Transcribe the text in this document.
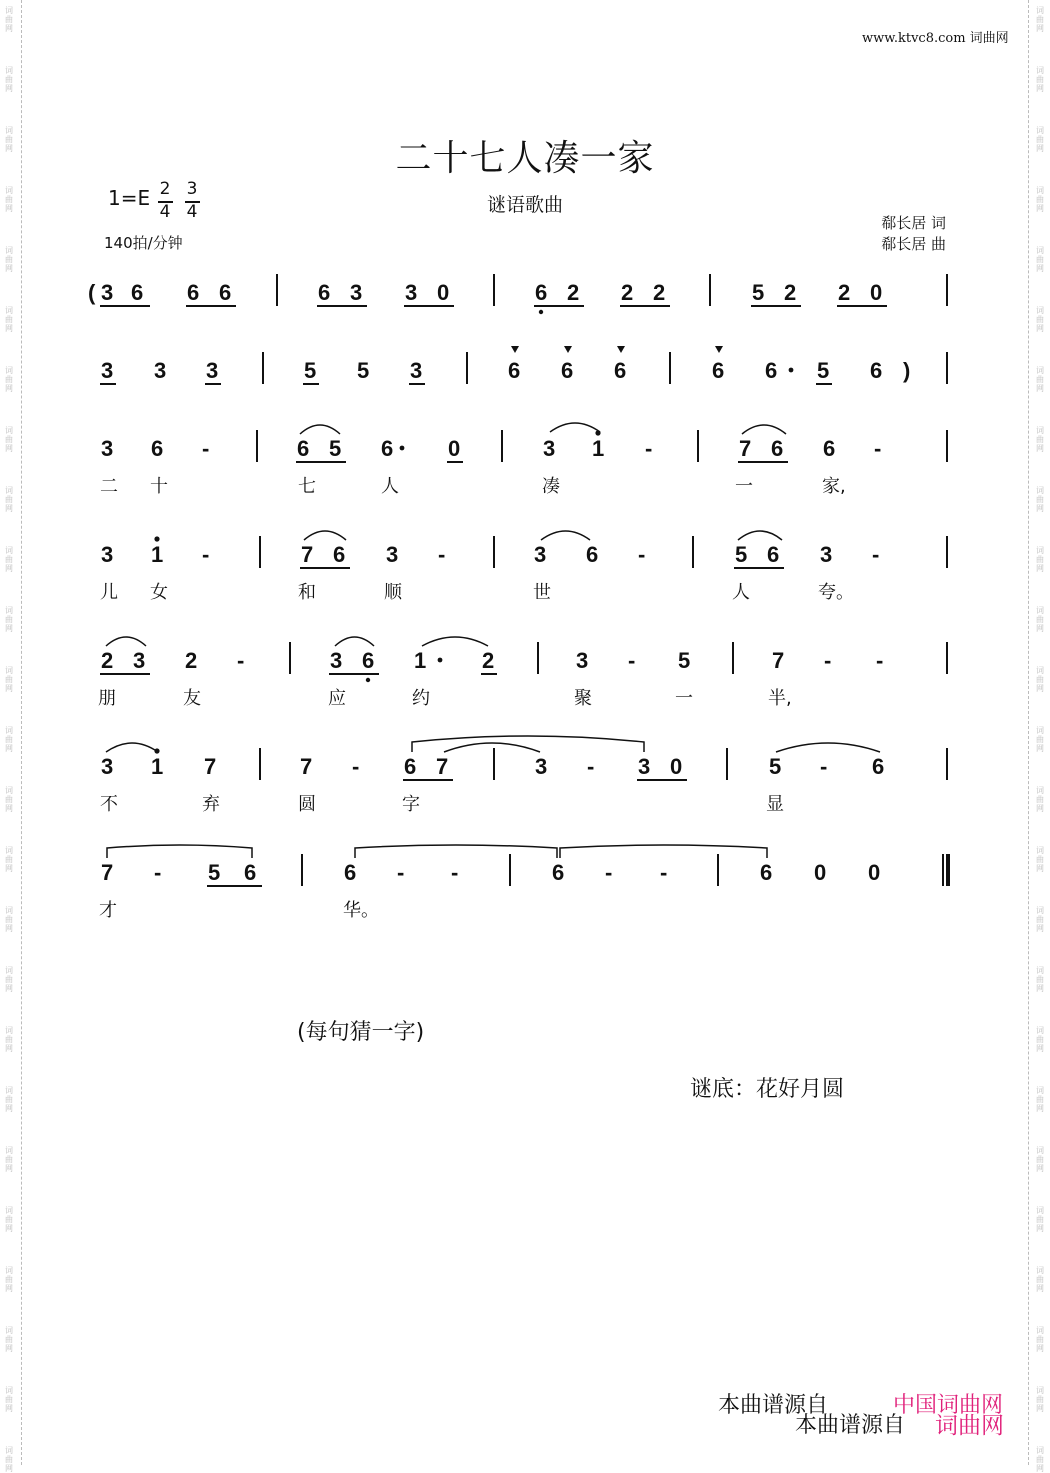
词
曲
网
词
曲
网
词
曲
网
词
曲
网
词
曲
网
词
曲
网
词
曲
网
词
曲
网
词
曲
网
词
曲
网
词
曲
网
词
曲
网
词
曲
网
词
曲
网
词
曲
网
词
曲
网
词
曲
网
词
曲
网
词
曲
网
词
曲
网
词
曲
网
词
曲
网
词
曲
网
词
曲
网
词
曲
网
词
曲
网
词
曲
网
词
曲
网
词
曲
网
词
曲
网
词
曲
网
词
曲
网
词
曲
网
词
曲
网
词
曲
网
词
曲
网
词
曲
网
词
曲
网
词
曲
网
词
曲
网
词
曲
网
词
曲
网
词
曲
网
词
曲
网
词
曲
网
词
曲
网
词
曲
网
词
曲
网
词
曲
网
词
曲
网
www.ktvc8.com 词曲网
二十七人凑一家
谜语歌曲
1=E 2
4
3
4
140拍/分钟
郗长居 词
郗长居 曲
( 3 6 6 6	6 3 3 0	6 2 2 2	5 2 2 0
3 3 3	5 5 3	6 6 6	6 6 5 6 )
3 6 -	6 5 6 0	3 1 -	7 6 6 -
二 十	七	人	凑	一	家,
3 1 -	7 6 3 -	3 6 -	5 6 3 -
儿 女	和	顺	世	人	夸。
2 3 2 -	3 6 1	2	3 - 5	7 - -
朋	友	应	约	聚	一	半,
3 1 7	7 - 6 7	3 - 3 0	5 - 6
不	弃	圆	字	显
7 - 5 6	6 - -	6 - -	6 0 0
才	华。
(每句猜一字)
谜底：花好月圆
本曲谱源自	中国词曲网
本曲谱源自 词曲网
